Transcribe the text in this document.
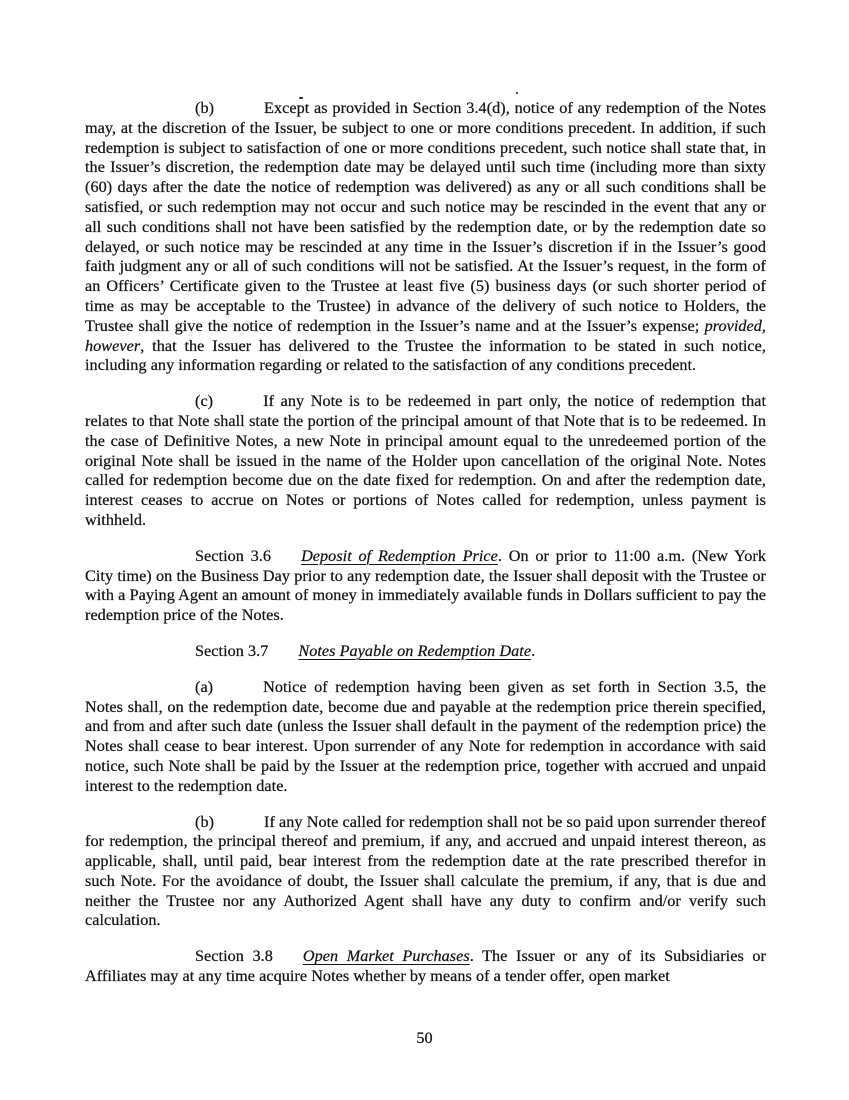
(b)	Except as provided in Section 3.4(d), notice of any redemption of the Notes may, at the discretion of the Issuer, be subject to one or more conditions precedent. In addition, if such redemption is subject to satisfaction of one or more conditions precedent, such notice shall state that, in the Issuer’s discretion, the redemption date may be delayed until such time (including more than sixty (60) days after the date the notice of redemption was delivered) as any or all such conditions shall be satisfied, or such redemption may not occur and such notice may be rescinded in the event that any or all such conditions shall not have been satisfied by the redemption date, or by the redemption date so delayed, or such notice may be rescinded at any time in the Issuer’s discretion if in the Issuer’s good faith judgment any or all of such conditions will not be satisfied. At the Issuer’s request, in the form of an Officers’ Certificate given to the Trustee at least five (5) business days (or such shorter period of time as may be acceptable to the Trustee) in advance of the delivery of such notice to Holders, the Trustee shall give the notice of redemption in the Issuer’s name and at the Issuer’s expense; provided, however, that the Issuer has delivered to the Trustee the information to be stated in such notice, including any information regarding or related to the satisfaction of any conditions precedent.

(c)	If any Note is to be redeemed in part only, the notice of redemption that relates to that Note shall state the portion of the principal amount of that Note that is to be redeemed. In the case of Definitive Notes, a new Note in principal amount equal to the unredeemed portion of the original Note shall be issued in the name of the Holder upon cancellation of the original Note. Notes called for redemption become due on the date fixed for redemption. On and after the redemption date, interest ceases to accrue on Notes or portions of Notes called for redemption, unless payment is withheld.

Section 3.6 Deposit of Redemption Price. On or prior to 11:00 a.m. (New York City time) on the Business Day prior to any redemption date, the Issuer shall deposit with the Trustee or with a Paying Agent an amount of money in immediately available funds in Dollars sufficient to pay the redemption price of the Notes.

Section 3.7 Notes Payable on Redemption Date.

(a)	Notice of redemption having been given as set forth in Section 3.5, the Notes shall, on the redemption date, become due and payable at the redemption price therein specified, and from and after such date (unless the Issuer shall default in the payment of the redemption price) the Notes shall cease to bear interest. Upon surrender of any Note for redemption in accordance with said notice, such Note shall be paid by the Issuer at the redemption price, together with accrued and unpaid interest to the redemption date.

(b)	If any Note called for redemption shall not be so paid upon surrender thereof for redemption, the principal thereof and premium, if any, and accrued and unpaid interest thereon, as applicable, shall, until paid, bear interest from the redemption date at the rate prescribed therefor in such Note. For the avoidance of doubt, the Issuer shall calculate the premium, if any, that is due and neither the Trustee nor any Authorized Agent shall have any duty to confirm and/or verify such calculation.

Section 3.8 Open Market Purchases. The Issuer or any of its Subsidiaries or Affiliates may at any time acquire Notes whether by means of a tender offer, open market

50
